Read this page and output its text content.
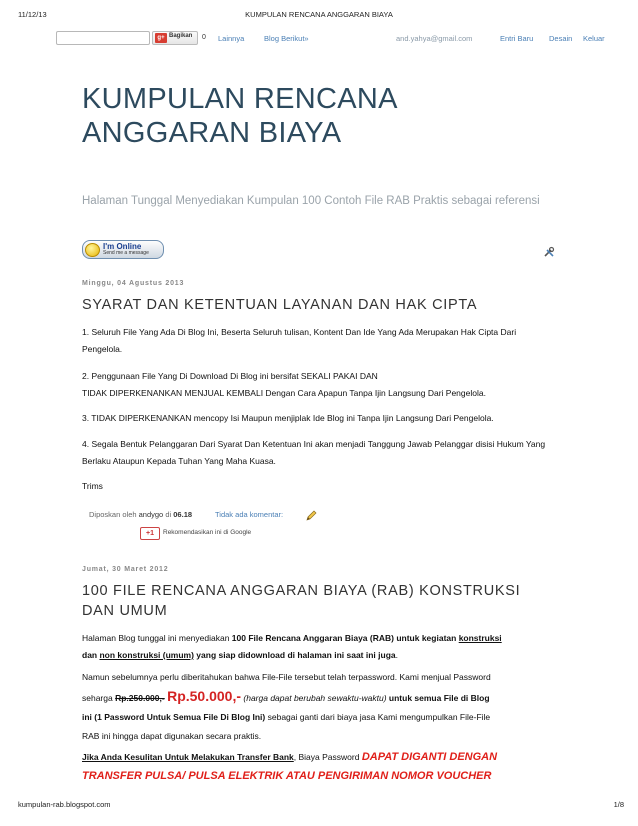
11/12/13	KUMPULAN RENCANA ANGGARAN BIAYA
g+ Bagikan 0 Lainnya	Blog Berikut»	and.yahya@gmail.com	Entri Baru Desain Keluar
KUMPULAN RENCANA
ANGGARAN BIAYA

Halaman Tunggal Menyediakan Kumpulan 100 Contoh File RAB Praktis sebagai referensi

I'm Online
Send me a message
Minggu, 04 Agustus 2013
SYARAT DAN KETENTUAN LAYANAN DAN HAK CIPTA

1. Seluruh File Yang Ada Di Blog Ini, Beserta Seluruh tulisan, Kontent Dan Ide Yang Ada Merupakan Hak Cipta Dari Pengelola.

2. Penggunaan File Yang Di Download Di Blog ini bersifat SEKALI PAKAI DAN
TIDAK DIPERKENANKAN MENJUAL KEMBALI Dengan Cara Apapun Tanpa Ijin Langsung Dari Pengelola.

3. TIDAK DIPERKENANKAN mencopy Isi Maupun menjiplak Ide Blog ini Tanpa Ijin Langsung Dari Pengelola.

4. Segala Bentuk Pelanggaran Dari Syarat Dan Ketentuan Ini akan menjadi Tanggung Jawab Pelanggar disisi Hukum Yang Berlaku Ataupun Kepada Tuhan Yang Maha Kuasa.

Trims

Diposkan oleh andygo di 06.18	Tidak ada komentar:
+1	Rekomendasikan ini di Google
Jumat, 30 Maret 2012
100 FILE RENCANA ANGGARAN BIAYA (RAB) KONSTRUKSI DAN UMUM

Halaman Blog tunggal ini menyediakan 100 File Rencana Anggaran Biaya (RAB) untuk kegiatan konstruksi
dan non konstruksi (umum) yang siap didownload di halaman ini saat ini juga.

Namun sebelumnya perlu diberitahukan bahwa File-File tersebut telah terpassword. Kami menjual Password
seharga Rp.250.000,- Rp.50.000,- (harga dapat berubah sewaktu-waktu) untuk semua File di Blog
ini (1 Password Untuk Semua File Di Blog Ini) sebagai ganti dari biaya jasa Kami mengumpulkan File-File
RAB ini hingga dapat digunakan secara praktis.

Jika Anda Kesulitan Untuk Melakukan Transfer Bank, Biaya Password DAPAT DIGANTI DENGAN
TRANSFER PULSA/ PULSA ELEKTRIK ATAU PENGIRIMAN NOMOR VOUCHER

kumpulan-rab.blogspot.com	1/8
